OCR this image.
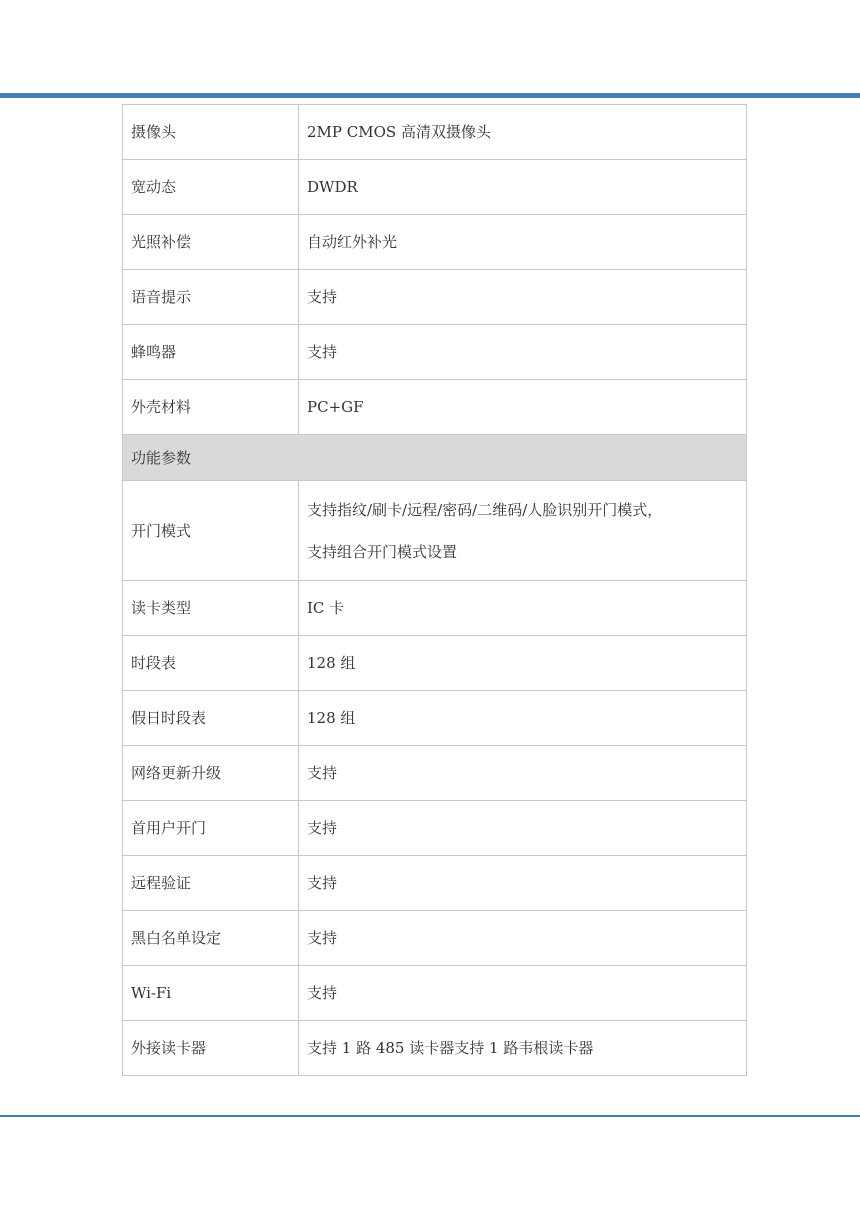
摄像头	2MP CMOS 高清双摄像头
宽动态	DWDR
光照补偿	自动红外补光
语音提示	支持
蜂鸣器	支持
外壳材料	PC+GF
功能参数	
开门模式	支持指纹/刷卡/远程/密码/二维码/人脸识别开门模式，
支持组合开门模式设置

读卡类型	IC 卡
时段表	128 组
假日时段表	128 组
网络更新升级	支持
首用户开门	支持
远程验证	支持
黑白名单设定	支持
Wi-Fi	支持
外接读卡器	支持 1 路 485 读卡器支持 1 路韦根读卡器
